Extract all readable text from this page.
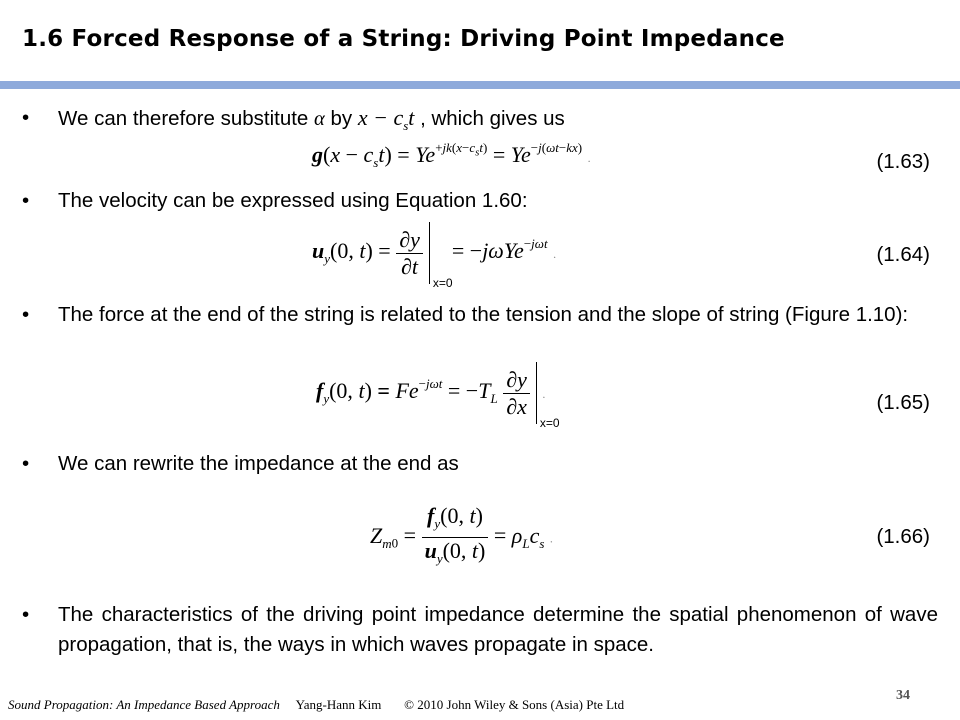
1.6 Forced Response of a String: Driving Point Impedance
• We can therefore substitute α by $x - c_st$ , which gives us
$g(x - c_st) = Ye^{+jk(x-c_st)} = Ye^{-j(\omega t-kx)}$ .	(1.63)
• The velocity can be expressed using Equation 1.60:
$u_y(0$, $t) = \frac{\partial y}{\partial t}$
x=0
= −jωYe$^{-j\omega t}$ .	(1.64)
• The force at the end of the string is related to the tension and the slope of string (Figure 1.10):
$f_y(0$, $t) = Fe^{-j\omega t} = -T_L \frac{\partial y}{\partial x}$
x=0
.	(1.65)
• We can rewrite the impedance at the end as
$Z_{m0} = \frac{f_y(0, t)}{u_y(0, t)} = \rho_Lc_s$ .	(1.66)
• The characteristics of the driving point impedance determine the spatial phenomenon of wave propagation, that is, the ways in which waves propagate in space.
Sound Propagation: An Impedance Based Approach Yang-Hann Kim © 2010 John Wiley & Sons (Asia) Pte Ltd
34
